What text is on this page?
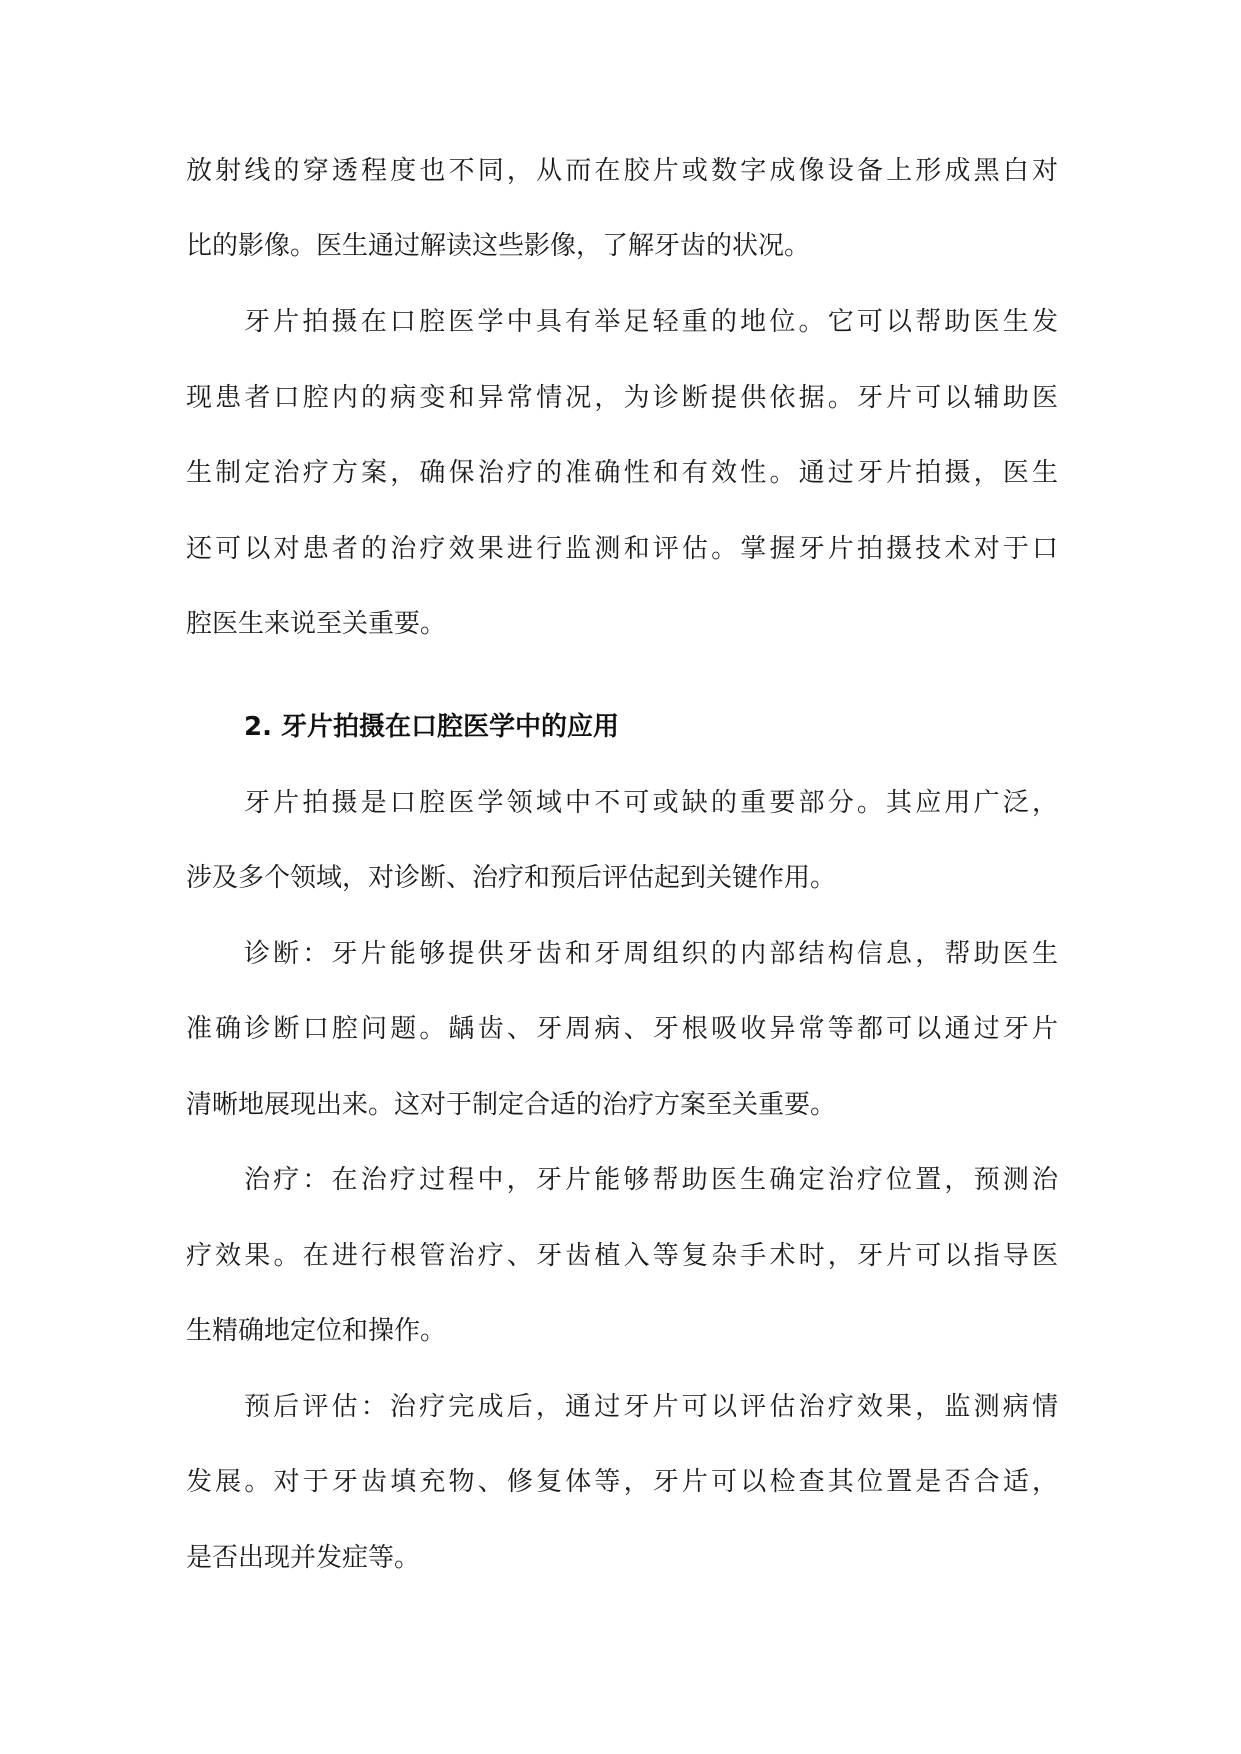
放射线的穿透程度也不同，从而在胶片或数字成像设备上形成黑白对
比的影像。医生通过解读这些影像，了解牙齿的状况。
牙片拍摄在口腔医学中具有举足轻重的地位。它可以帮助医生发
现患者口腔内的病变和异常情况，为诊断提供依据。牙片可以辅助医
生制定治疗方案，确保治疗的准确性和有效性。通过牙片拍摄，医生
还可以对患者的治疗效果进行监测和评估。掌握牙片拍摄技术对于口
腔医生来说至关重要。
2. 牙片拍摄在口腔医学中的应用
牙片拍摄是口腔医学领域中不可或缺的重要部分。其应用广泛，
涉及多个领域，对诊断、治疗和预后评估起到关键作用。
诊断：牙片能够提供牙齿和牙周组织的内部结构信息，帮助医生
准确诊断口腔问题。龋齿、牙周病、牙根吸收异常等都可以通过牙片
清晰地展现出来。这对于制定合适的治疗方案至关重要。
治疗：在治疗过程中，牙片能够帮助医生确定治疗位置，预测治
疗效果。在进行根管治疗、牙齿植入等复杂手术时，牙片可以指导医
生精确地定位和操作。
预后评估：治疗完成后，通过牙片可以评估治疗效果，监测病情
发展。对于牙齿填充物、修复体等，牙片可以检查其位置是否合适，
是否出现并发症等。
